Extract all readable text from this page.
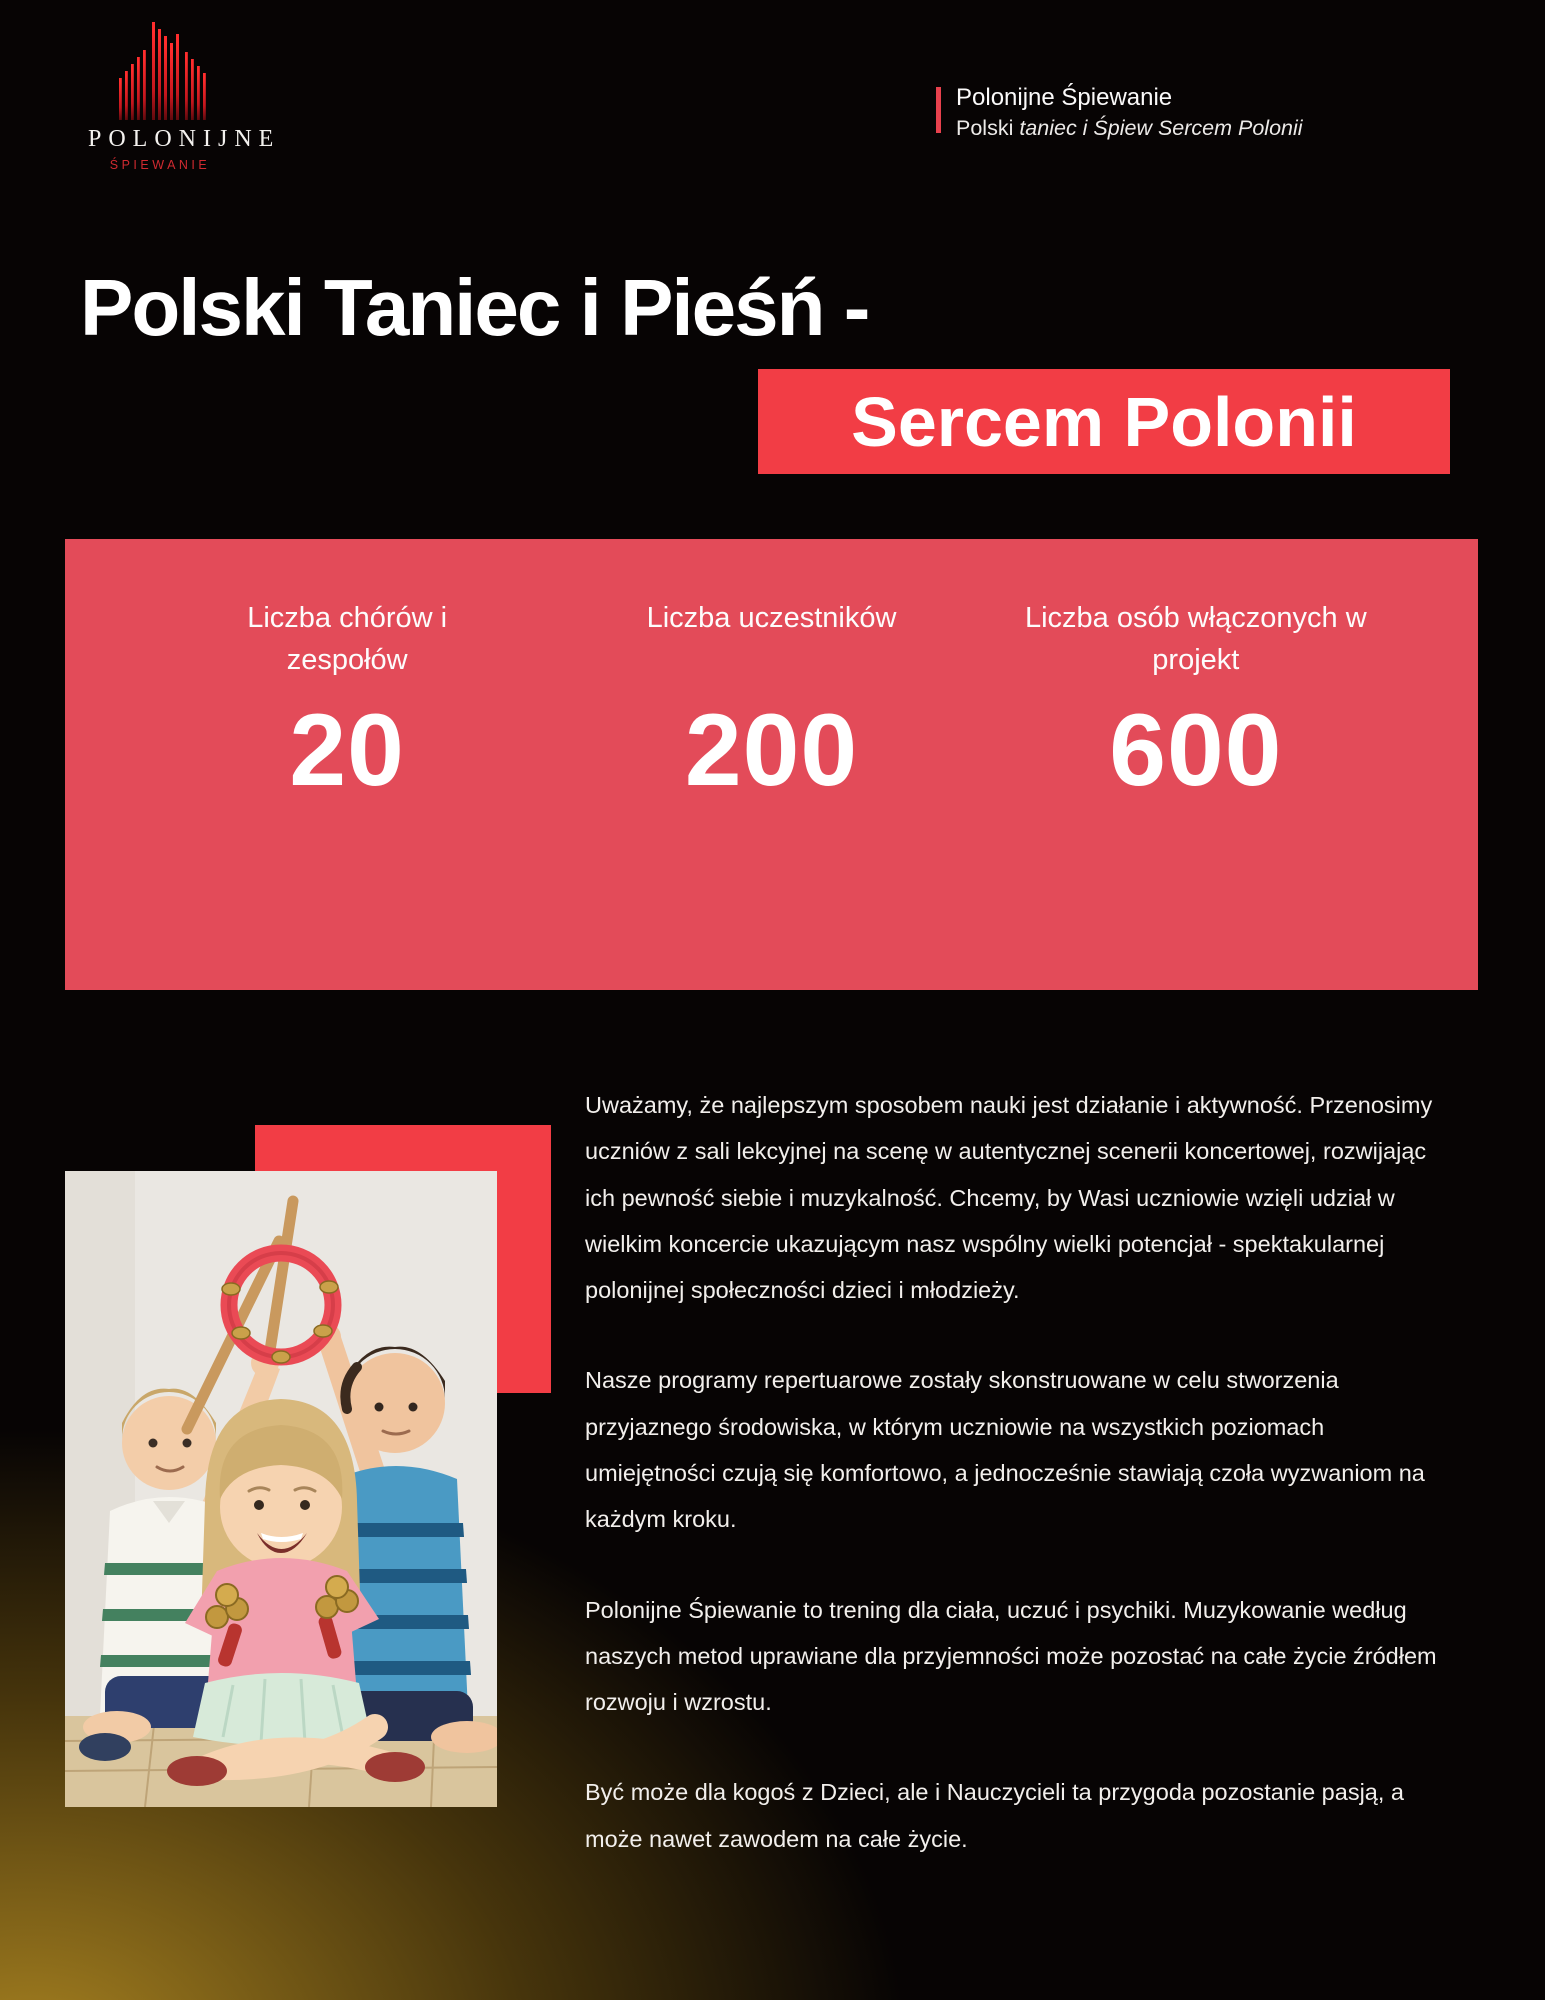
POLONIJNE
ŚPIEWANIE
Polonijne Śpiewanie
Polski taniec i Śpiew Sercem Polonii
Polski Taniec i Pieśń -
Sercem Polonii
Liczba chórów i zespołów
20
Liczba uczestników
200
Liczba osób włączonych w projekt
600

Uważamy, że najlepszym sposobem nauki jest działanie i aktywność. Przenosimy uczniów z sali lekcyjnej na scenę w autentycznej scenerii koncertowej, rozwijając ich pewność siebie i muzykalność. Chcemy, by Wasi uczniowie wzięli udział w wielkim koncercie ukazującym nasz wspólny wielki potencjał - spektakularnej polonijnej społeczności dzieci i młodzieży.

Nasze programy repertuarowe zostały skonstruowane w celu stworzenia przyjaznego środowiska, w którym uczniowie na wszystkich poziomach umiejętności czują się komfortowo, a jednocześnie stawiają czoła wyzwaniom na każdym kroku.

Polonijne Śpiewanie to trening dla ciała, uczuć i psychiki. Muzykowanie według naszych metod uprawiane dla przyjemności może pozostać na całe życie źródłem rozwoju i wzrostu.

Być może dla kogoś z Dzieci, ale i Nauczycieli ta przygoda pozostanie pasją, a może nawet zawodem na całe życie.
